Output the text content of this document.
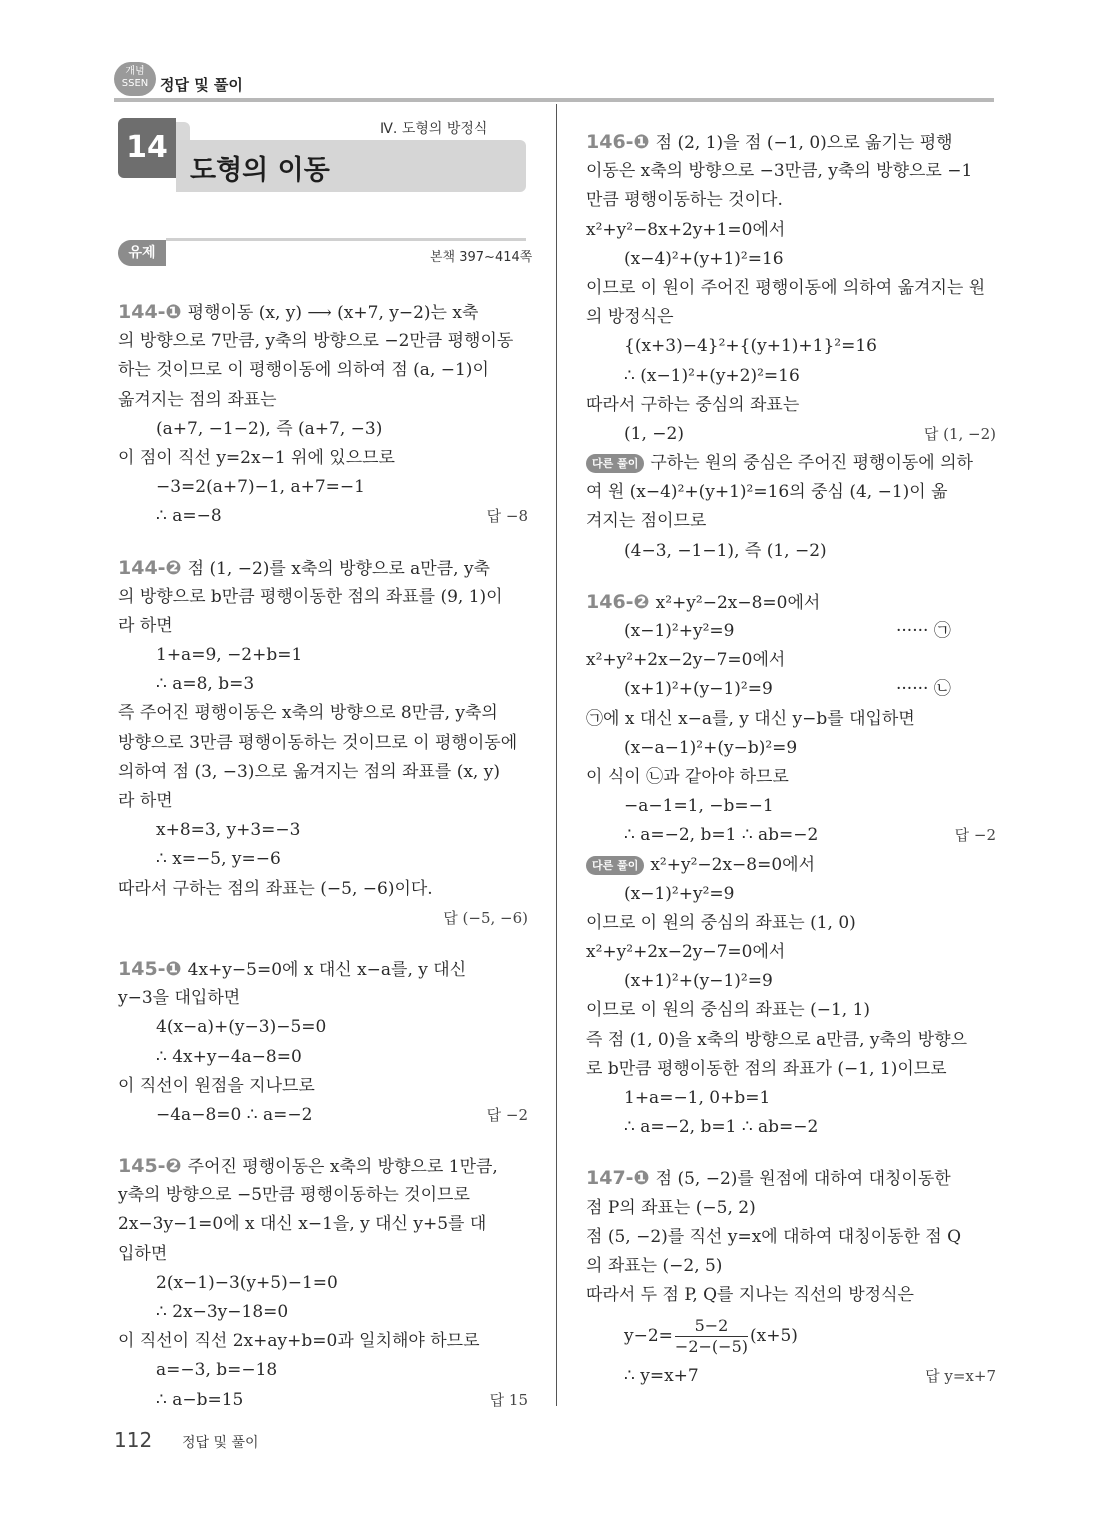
개념
SSEN 정답 및 풀이
Ⅳ. 도형의 방정식
14
도형의 이동
유제	본책 397~414쪽
144-❶ 평행이동 (x, y) ⟶ (x+7, y−2)는 x축
의 방향으로 7만큼, y축의 방향으로 −2만큼 평행이동
하는 것이므로 이 평행이동에 의하여 점 (a, −1)이
옮겨지는 점의 좌표는
(a+7, −1−2), 즉 (a+7, −3)
이 점이 직선 y=2x−1 위에 있으므로
−3=2(a+7)−1, a+7=−1
∴ a=−8	답 −8
144-❷ 점 (1, −2)를 x축의 방향으로 a만큼, y축
의 방향으로 b만큼 평행이동한 점의 좌표를 (9, 1)이
라 하면
1+a=9, −2+b=1
∴ a=8, b=3
즉 주어진 평행이동은 x축의 방향으로 8만큼, y축의
방향으로 3만큼 평행이동하는 것이므로 이 평행이동에
의하여 점 (3, −3)으로 옮겨지는 점의 좌표를 (x, y)
라 하면
x+8=3, y+3=−3
∴ x=−5, y=−6
따라서 구하는 점의 좌표는 (−5, −6)이다.
답 (−5, −6)
145-❶ 4x+y−5=0에 x 대신 x−a를, y 대신
y−3을 대입하면
4(x−a)+(y−3)−5=0
∴ 4x+y−4a−8=0
이 직선이 원점을 지나므로
−4a−8=0 ∴ a=−2	답 −2
145-❷ 주어진 평행이동은 x축의 방향으로 1만큼,
y축의 방향으로 −5만큼 평행이동하는 것이므로
2x−3y−1=0에 x 대신 x−1을, y 대신 y+5를 대
입하면
2(x−1)−3(y+5)−1=0
∴ 2x−3y−18=0
이 직선이 직선 2x+ay+b=0과 일치해야 하므로
a=−3, b=−18
∴ a−b=15	답 15
146-❶ 점 (2, 1)을 점 (−1, 0)으로 옮기는 평행
이동은 x축의 방향으로 −3만큼, y축의 방향으로 −1
만큼 평행이동하는 것이다.
x²+y²−8x+2y+1=0에서
(x−4)²+(y+1)²=16
이므로 이 원이 주어진 평행이동에 의하여 옮겨지는 원
의 방정식은
{(x+3)−4}²+{(y+1)+1}²=16
∴ (x−1)²+(y+2)²=16
따라서 구하는 중심의 좌표는
(1, −2)	답 (1, −2)
다른 풀이 구하는 원의 중심은 주어진 평행이동에 의하
여 원 (x−4)²+(y+1)²=16의 중심 (4, −1)이 옮
겨지는 점이므로
(4−3, −1−1), 즉 (1, −2)
146-❷ x²+y²−2x−8=0에서
(x−1)²+y²=9	······ ㉠
x²+y²+2x−2y−7=0에서
(x+1)²+(y−1)²=9	······ ㉡
㉠에 x 대신 x−a를, y 대신 y−b를 대입하면
(x−a−1)²+(y−b)²=9
이 식이 ㉡과 같아야 하므로
−a−1=1, −b=−1
∴ a=−2, b=1 ∴ ab=−2	답 −2
다른 풀이 x²+y²−2x−8=0에서
(x−1)²+y²=9
이므로 이 원의 중심의 좌표는 (1, 0)
x²+y²+2x−2y−7=0에서
(x+1)²+(y−1)²=9
이므로 이 원의 중심의 좌표는 (−1, 1)
즉 점 (1, 0)을 x축의 방향으로 a만큼, y축의 방향으
로 b만큼 평행이동한 점의 좌표가 (−1, 1)이므로
1+a=−1, 0+b=1
∴ a=−2, b=1 ∴ ab=−2
147-❶ 점 (5, −2)를 원점에 대하여 대칭이동한
점 P의 좌표는 (−5, 2)
점 (5, −2)를 직선 y=x에 대하여 대칭이동한 점 Q
의 좌표는 (−2, 5)
따라서 두 점 P, Q를 지나는 직선의 방정식은
$y-2= \frac{5-2}{-2-(-5)} (x+5)$
∴ y=x+7	답 y=x+7
112 정답 및 풀이
